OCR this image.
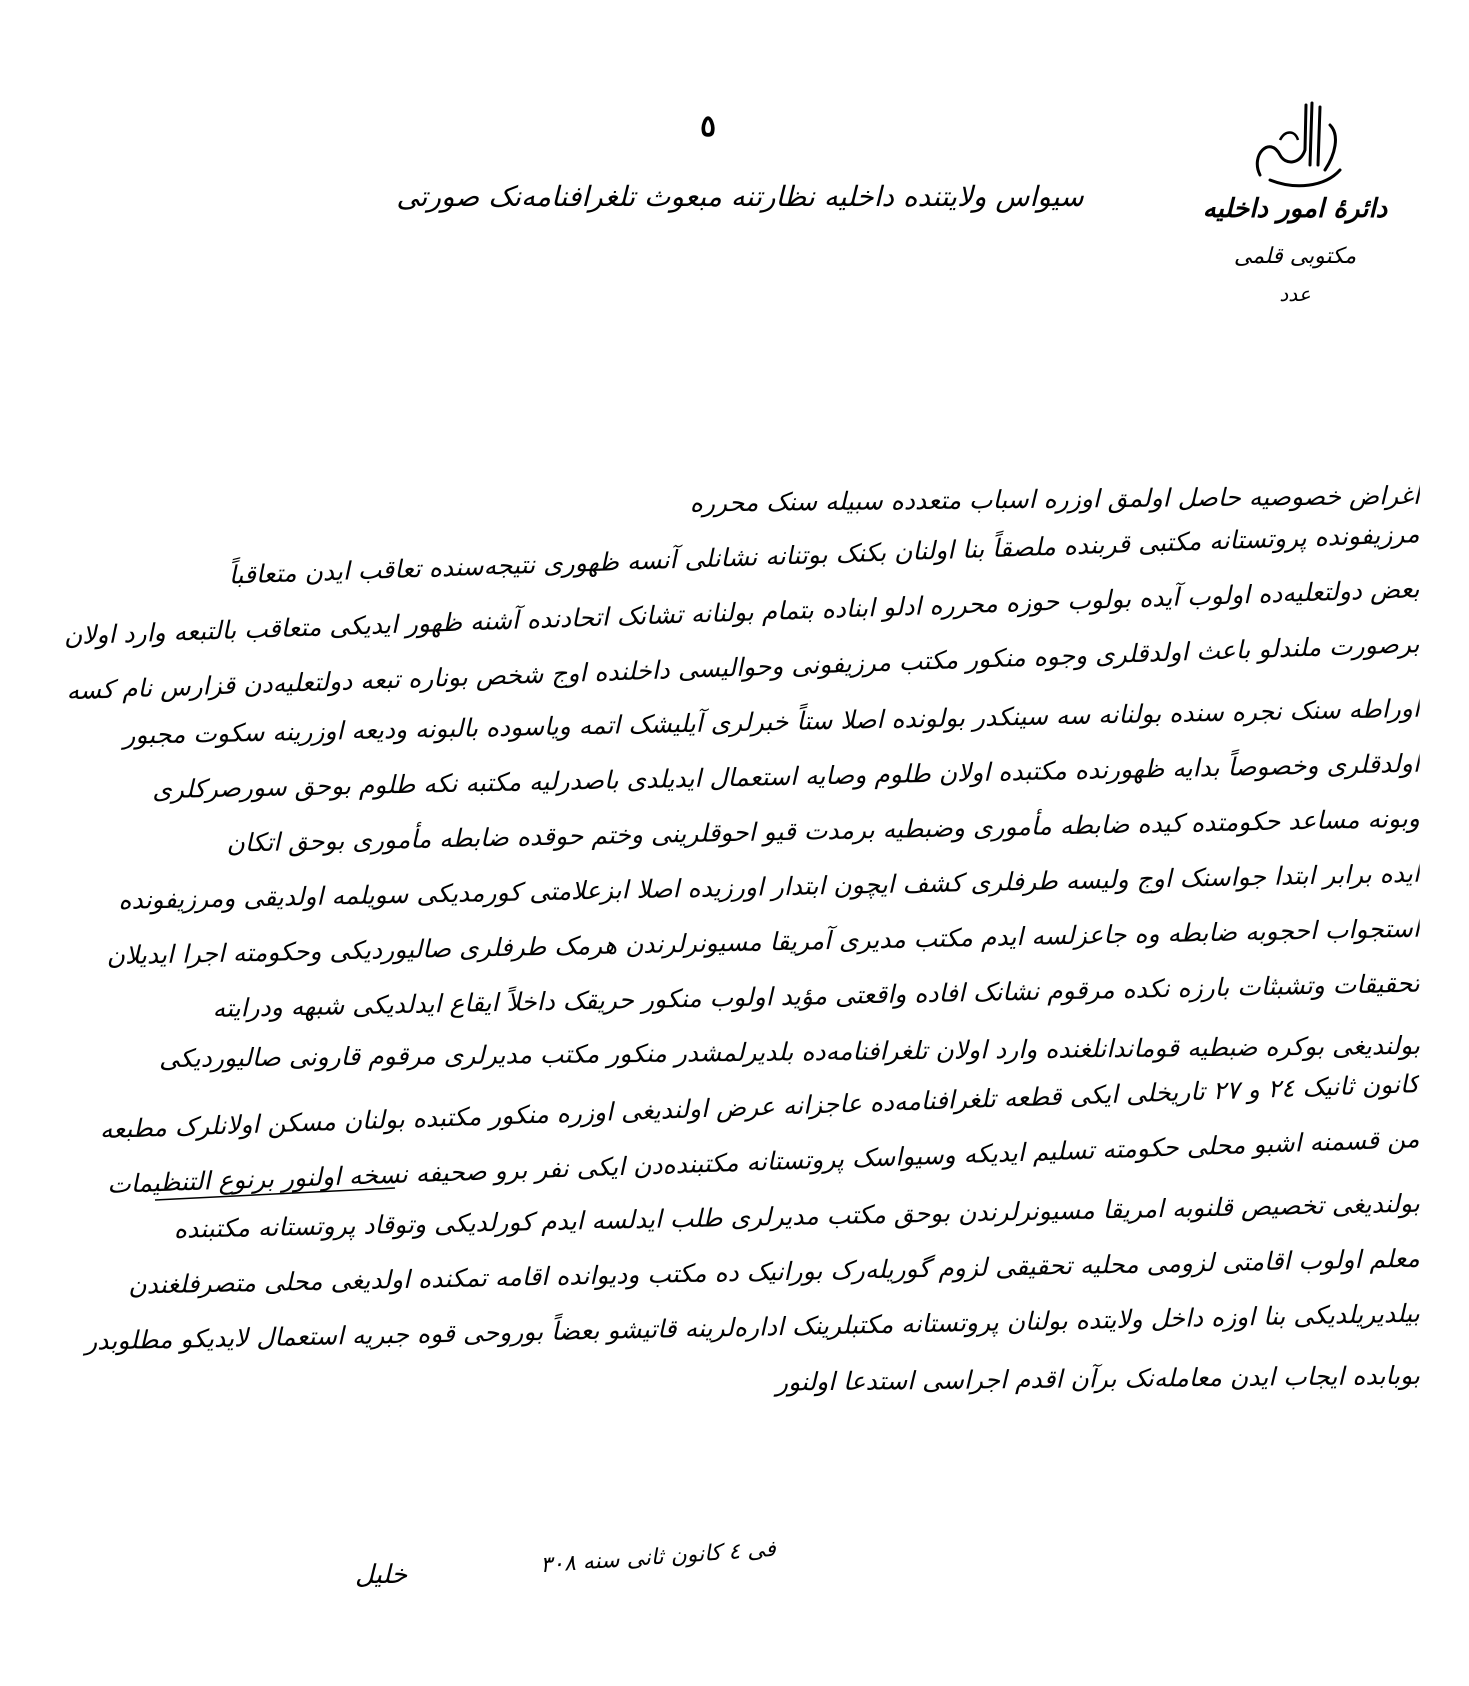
٥
سیواس ولایتنده داخلیه نظارتنه مبعوث تلغرافنامه‌نک صورتی	دائرهٔ امور داخلیه
مکتوبی قلمی
عدد
اغراض خصوصیه حاصل اولمق اوزره اسباب متعدده سبیله سنک محرره
مرزیفونده پروتستانه مکتبی قربنده ملصقاً بنا اولنان بکنک بوتنانه نشانلی آنسه ظهوری نتیجه‌سنده تعاقب ایدن متعاقباً
بعض دولتعلیه‌ده اولوب آیده بولوب حوزه محرره ادلو ابناده بتمام بولنانه تشانک اتحادنده آشنه ظهور ایدیکی متعاقب بالتبعه وارد اولان
برصورت ملندلو باعث اولدقلری وجوه منکور مکتب مرزیفونی وحوالیسی داخلنده اوج شخص بوناره تبعه دولتعلیه‌دن قزارس نام کسه
اوراطه سنک نجره سنده بولنانه سه سینکدر بولونده اصلا ستاً خبرلری آیلیشک اتمه ویاسوده بالبونه ودیعه اوزرینه سکوت مجبور
اولدقلری وخصوصاً بدایه ظهورنده مکتبده اولان طلوم وصایه استعمال ایدیلدی باصدرلیه مکتبه نکه طلوم بوحق سورصرکلری
وبونه مساعد حکومتده کیده ضابطه مأموری وضبطیه برمدت قیو احوقلرینی وختم حوقده ضابطه مأموری بوحق اتکان
ایده برابر ابتدا جواسنک اوج ولیسه طرفلری کشف ایچون ابتدار اورزیده اصلا ابزعلامتی کورمدیکی سویلمه اولدیقی ومرزیفونده
استجواب احجوبه ضابطه وه جاعزلسه ایدم مکتب مدیری آمریقا مسیونرلرندن هرمک طرفلری صالیوردیکی وحکومته اجرا ایدیلان
تحقیقات وتشبثات بارزه نکده مرقوم نشانک افاده واقعتی مؤید اولوب منکور حریقک داخلاً ایقاع ایدلدیکی شبهه ودرایته
بولندیغی بوکره ضبطیه قوماندانلغنده وارد اولان تلغرافنامه‌ده بلدیرلمشدر منکور مکتب مدیرلری مرقوم قارونی صالیوردیکی
کانون ثانیک ٢٤ و ٢٧ تاریخلی ایکی قطعه تلغرافنامه‌ده عاجزانه عرض اولندیغی اوزره منکور مکتبده بولنان مسکن اولانلرک مطبعه
من قسمنه اشبو محلی حکومته تسلیم ایدیکه وسیواسک پروتستانه مکتبنده‌دن ایکی نفر برو صحیفه نسخه اولنور برنوع التنظیمات
بولندیغی تخصیص قلنوبه امریقا مسیونرلرندن بوحق مکتب مدیرلری طلب ایدلسه ایدم کورلدیکی وتوقاد پروتستانه مکتبنده
معلم اولوب اقامتی لزومی محلیه تحقیقی لزوم گوریله‌رک بورانیک ده مکتب ودیوانده اقامه تمکنده اولدیغی محلی متصرفلغندن
بیلدیریلدیکی بنا اوزه داخل ولایتده بولنان پروتستانه مکتبلرینک اداره‌لرینه قاتیشو بعضاً بوروحی قوه جبریه استعمال لایدیکو مطلوبدر
بوبابده ایجاب ایدن معامله‌نک برآن اقدم اجراسی استدعا اولنور
فی ٤ کانون ثانی سنه ٣٠٨
خلیل
